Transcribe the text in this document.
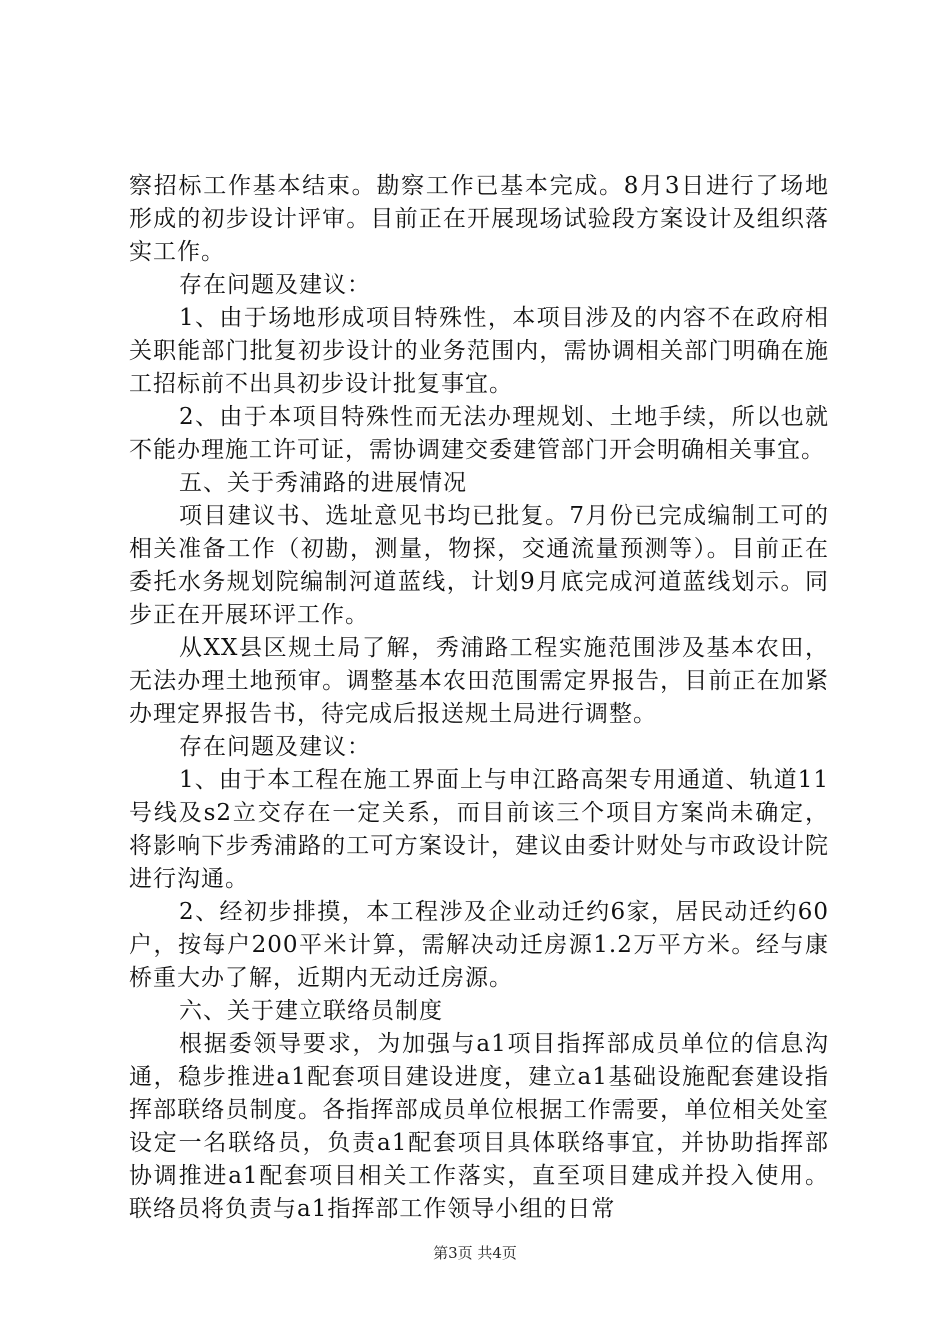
察招标工作基本结束。勘察工作已基本完成。8月3日进行了场地形成的初步设计评审。目前正在开展现场试验段方案设计及组织落实工作。

存在问题及建议：

1、由于场地形成项目特殊性，本项目涉及的内容不在政府相关职能部门批复初步设计的业务范围内，需协调相关部门明确在施工招标前不出具初步设计批复事宜。

2、由于本项目特殊性而无法办理规划、土地手续，所以也就不能办理施工许可证，需协调建交委建管部门开会明确相关事宜。

五、关于秀浦路的进展情况

项目建议书、选址意见书均已批复。7月份已完成编制工可的相关准备工作（初勘，测量，物探，交通流量预测等）。目前正在委托水务规划院编制河道蓝线，计划9月底完成河道蓝线划示。同步正在开展环评工作。

从XX县区规土局了解，秀浦路工程实施范围涉及基本农田，无法办理土地预审。调整基本农田范围需定界报告，目前正在加紧办理定界报告书，待完成后报送规土局进行调整。

存在问题及建议：

1、由于本工程在施工界面上与申江路高架专用通道、轨道11号线及s2立交存在一定关系，而目前该三个项目方案尚未确定，将影响下步秀浦路的工可方案设计，建议由委计财处与市政设计院进行沟通。

2、经初步排摸，本工程涉及企业动迁约6家，居民动迁约60户，按每户200平米计算，需解决动迁房源1.2万平方米。经与康桥重大办了解，近期内无动迁房源。

六、关于建立联络员制度

根据委领导要求，为加强与a1项目指挥部成员单位的信息沟通，稳步推进a1配套项目建设进度，建立a1基础设施配套建设指挥部联络员制度。各指挥部成员单位根据工作需要，单位相关处室设定一名联络员，负责a1配套项目具体联络事宜，并协助指挥部协调推进a1配套项目相关工作落实，直至项目建成并投入使用。联络员将负责与a1指挥部工作领导小组的日常

第3页 共4页
